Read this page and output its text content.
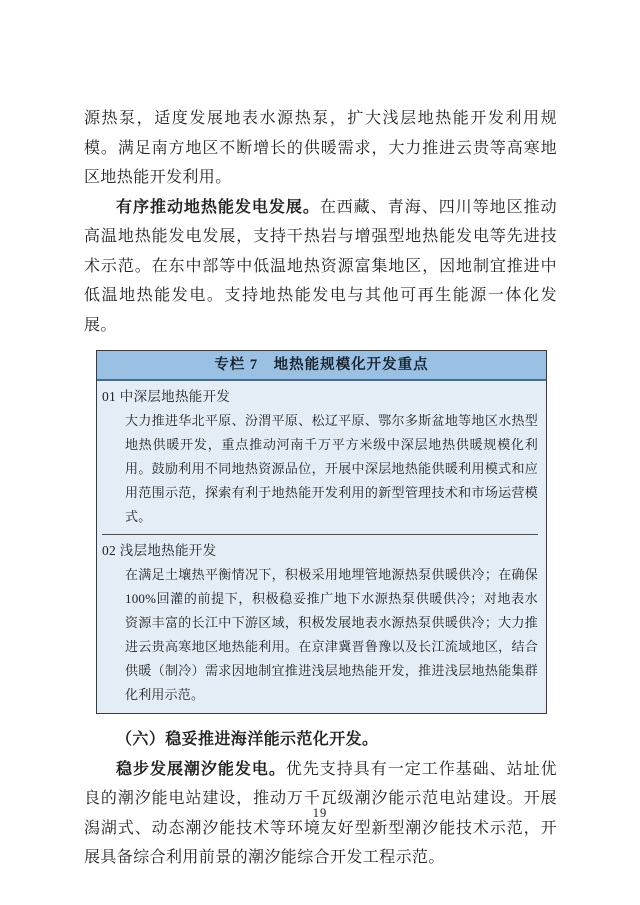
源热泵，适度发展地表水源热泵，扩大浅层地热能开发利用规模。满足南方地区不断增长的供暖需求，大力推进云贵等高寒地区地热能开发利用。

有序推动地热能发电发展。在西藏、青海、四川等地区推动高温地热能发电发展，支持干热岩与增强型地热能发电等先进技术示范。在东中部等中低温地热资源富集地区，因地制宜推进中低温地热能发电。支持地热能发电与其他可再生能源一体化发展。

专栏 7　地热能规模化开发重点
01 中深层地热能开发
大力推进华北平原、汾渭平原、松辽平原、鄂尔多斯盆地等地区水热型地热供暖开发，重点推动河南千万平方米级中深层地热供暖规模化利用。鼓励利用不同地热资源品位，开展中深层地热能供暖利用模式和应用范围示范，探索有利于地热能开发利用的新型管理技术和市场运营模式。
02 浅层地热能开发
在满足土壤热平衡情况下，积极采用地埋管地源热泵供暖供冷；在确保 100%回灌的前提下，积极稳妥推广地下水源热泵供暖供冷；对地表水资源丰富的长江中下游区域，积极发展地表水源热泵供暖供冷；大力推进云贵高寒地区地热能利用。在京津冀晋鲁豫以及长江流域地区，结合供暖（制冷）需求因地制宜推进浅层地热能开发，推进浅层地热能集群化利用示范。

（六）稳妥推进海洋能示范化开发。

稳步发展潮汐能发电。优先支持具有一定工作基础、站址优良的潮汐能电站建设，推动万千瓦级潮汐能示范电站建设。开展潟湖式、动态潮汐能技术等环境友好型新型潮汐能技术示范，开展具备综合利用前景的潮汐能综合开发工程示范。

19
